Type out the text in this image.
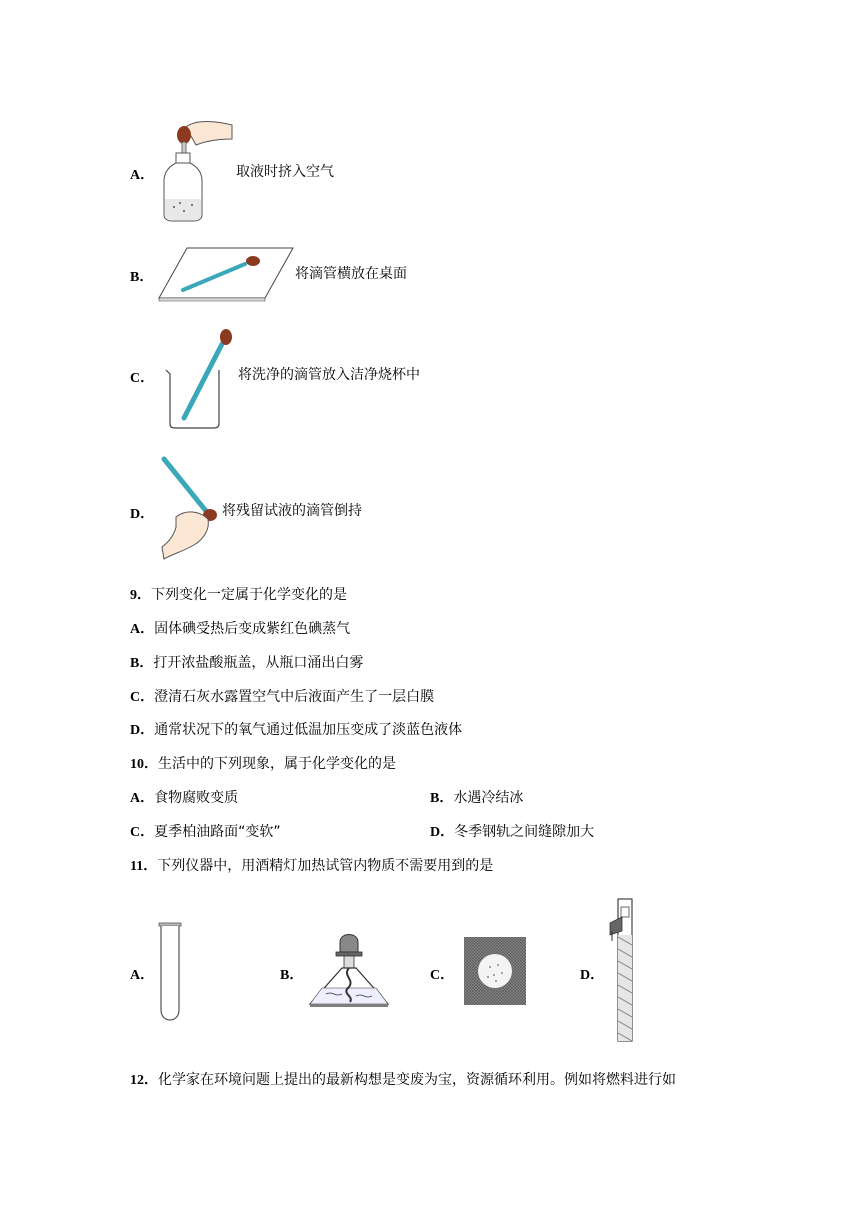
A．	取液时挤入空气
B．	将滴管横放在桌面
C．	将洗净的滴管放入洁净烧杯中
D．	将残留试液的滴管倒持
9．下列变化一定属于化学变化的是
A．固体碘受热后变成紫红色碘蒸气
B．打开浓盐酸瓶盖，从瓶口涌出白雾
C．澄清石灰水露置空气中后液面产生了一层白膜
D．通常状况下的氧气通过低温加压变成了淡蓝色液体
10．生活中的下列现象，属于化学变化的是
A．食物腐败变质	B．水遇冷结冰
C．夏季柏油路面“变软”	D．冬季钢轨之间缝隙加大
11．下列仪器中，用酒精灯加热试管内物质不需要用到的是
A．	B．	C．	D．
12．化学家在环境问题上提出的最新构想是变废为宝，资源循环利用。例如将燃料进行如
